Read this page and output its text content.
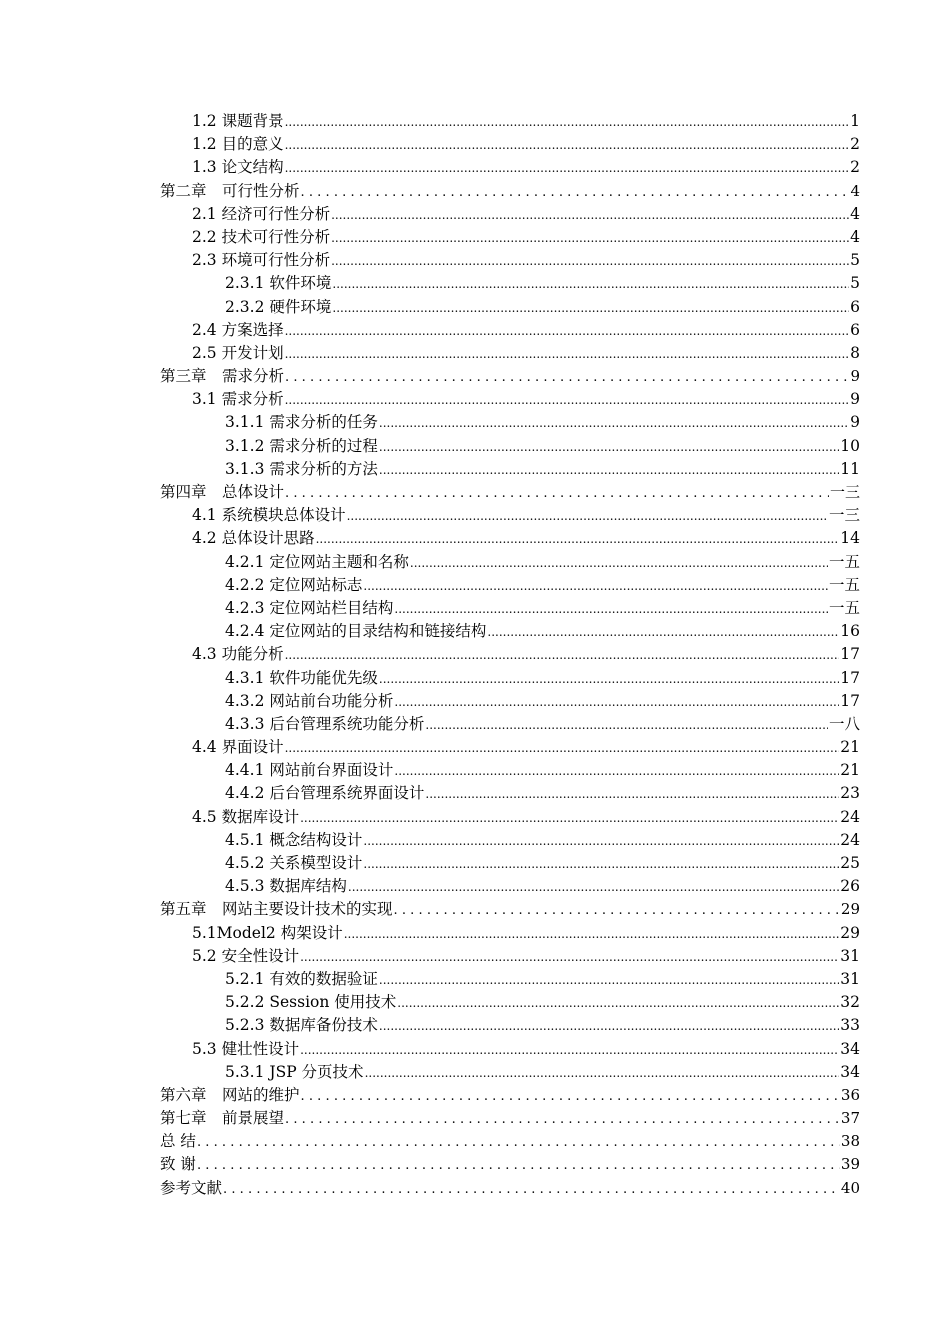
1.2 课题背景 .....	1
1.2 目的意义 .....	2
1.3 论文结构 .....	2
第二章　可行性分析 .....	4
2.1 经济可行性分析 .....	4
2.2 技术可行性分析 .....	4
2.3 环境可行性分析 .....	5
2.3.1 软件环境 .....	5
2.3.2 硬件环境 .....	6
2.4 方案选择 .....	6
2.5 开发计划 .....	8
第三章　需求分析 .....	9
3.1 需求分析 .....	9
3.1.1 需求分析的任务 .....	9
3.1.2 需求分析的过程 .....	10
3.1.3 需求分析的方法 .....	11
第四章　总体设计 .....	一三
4.1 系统模块总体设计 .....	一三
4.2 总体设计思路 .....	14
4.2.1 定位网站主题和名称 .....	一五
4.2.2 定位网站标志 .....	一五
4.2.3 定位网站栏目结构 .....	一五
4.2.4 定位网站的目录结构和链接结构 .....	16
4.3 功能分析 .....	17
4.3.1 软件功能优先级 .....	17
4.3.2 网站前台功能分析 .....	17
4.3.3 后台管理系统功能分析 .....	一八
4.4 界面设计 .....	21
4.4.1 网站前台界面设计 .....	21
4.4.2 后台管理系统界面设计 .....	23
4.5 数据库设计 .....	24
4.5.1 概念结构设计 .....	24
4.5.2 关系模型设计 .....	25
4.5.3 数据库结构 .....	26
第五章　网站主要设计技术的实现 .....	29
5.1Model2 构架设计 .....	29
5.2 安全性设计 .....	31
5.2.1 有效的数据验证 .....	31
5.2.2 Session 使用技术 .....	32
5.2.3 数据库备份技术 .....	33
5.3 健壮性设计 .....	34
5.3.1 JSP 分页技术 .....	34
第六章　网站的维护 .....	36
第七章　前景展望 .....	37
总 结 .....	38
致 谢 .....	39
参考文献 .....	40
